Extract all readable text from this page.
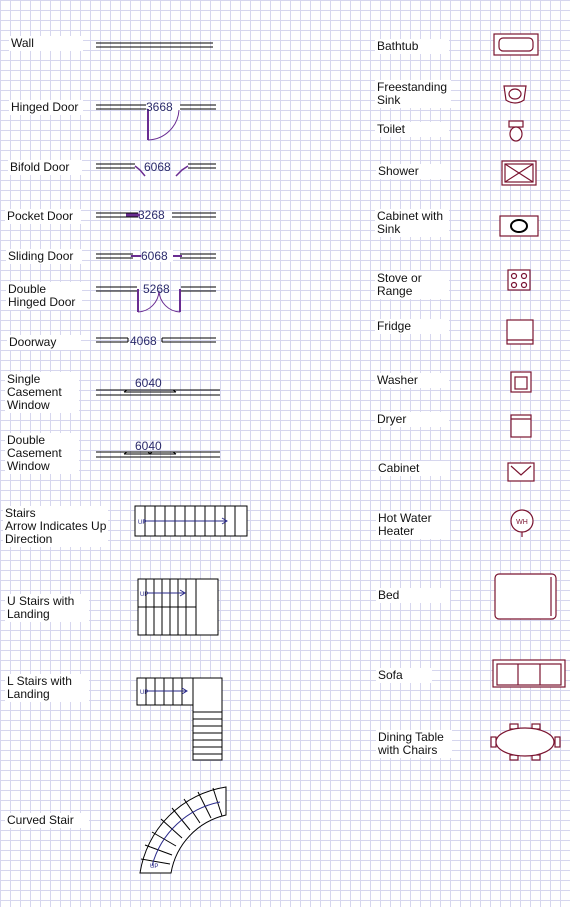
Wall
Hinged Door
Bifold Door
Pocket Door
Sliding Door
Double
Hinged Door
Doorway
Single
Casement
Window
Double
Casement
Window
Stairs
Arrow Indicates Up
Direction
U Stairs with
Landing
L Stairs with
Landing
Curved Stair
Bathtub
Freestanding
Sink
Toilet
Shower
Cabinet with
Sink
Stove or
Range
Fridge
Washer
Dryer
Cabinet
Hot Water
Heater
Bed
Sofa
Dining Table
with Chairs
3668
6068
3268
6068
5268
4068
6040
6040
UP
UP
UP
UP
WH
